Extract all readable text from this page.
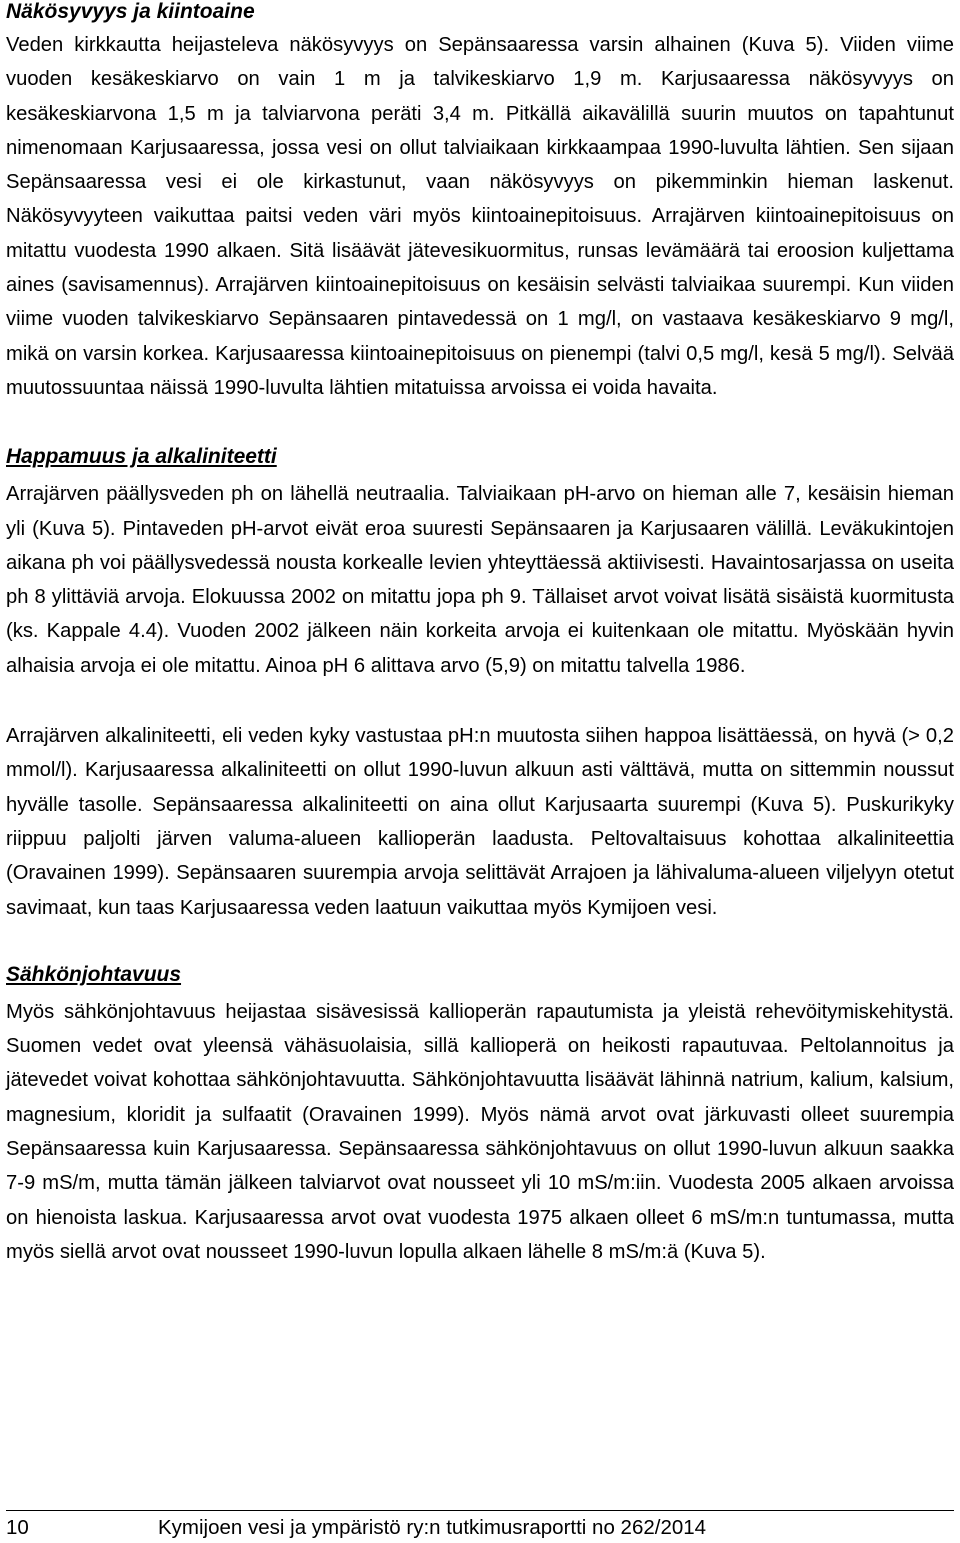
Näkösyvyys ja kiintoaine

Veden kirkkautta heijasteleva näkösyvyys on Sepänsaaressa varsin alhainen (Kuva 5). Viiden viime vuoden kesäkeskiarvo on vain 1 m ja talvikeskiarvo 1,9 m. Karjusaaressa näkösyvyys on kesäkeskiarvona 1,5 m ja talviarvona peräti 3,4 m. Pitkällä aikavälillä suurin muutos on tapahtunut nimenomaan Karjusaaressa, jossa vesi on ollut talviaikaan kirkkaampaa 1990-luvulta lähtien. Sen sijaan Sepänsaaressa vesi ei ole kirkastunut, vaan näkösyvyys on pikemminkin hieman laskenut. Näkösyvyyteen vaikuttaa paitsi veden väri myös kiintoainepitoisuus. Arrajärven kiintoainepitoisuus on mitattu vuodesta 1990 alkaen. Sitä lisäävät jätevesikuormitus, runsas levämäärä tai eroosion kuljettama aines (savisamennus). Arrajärven kiintoainepitoisuus on kesäisin selvästi talviaikaa suurempi. Kun viiden viime vuoden talvikeskiarvo Sepänsaaren pintavedessä on 1 mg/l, on vastaava kesäkeskiarvo 9 mg/l, mikä on varsin korkea. Karjusaaressa kiintoainepitoisuus on pienempi (talvi 0,5 mg/l, kesä 5 mg/l). Selvää muutossuuntaa näissä 1990-luvulta lähtien mitatuissa arvoissa ei voida havaita.

Happamuus ja alkaliniteetti

Arrajärven päällysveden ph on lähellä neutraalia. Talviaikaan pH-arvo on hieman alle 7, kesäisin hieman yli (Kuva 5). Pintaveden pH-arvot eivät eroa suuresti Sepänsaaren ja Karjusaaren välillä. Leväkukintojen aikana ph voi päällysvedessä nousta korkealle levien yhteyttäessä aktiivisesti. Havaintosarjassa on useita ph 8 ylittäviä arvoja. Elokuussa 2002 on mitattu jopa ph 9. Tällaiset arvot voivat lisätä sisäistä kuormitusta (ks. Kappale 4.4). Vuoden 2002 jälkeen näin korkeita arvoja ei kuitenkaan ole mitattu. Myöskään hyvin alhaisia arvoja ei ole mitattu. Ainoa pH 6 alittava arvo (5,9) on mitattu talvella 1986.

Arrajärven alkaliniteetti, eli veden kyky vastustaa pH:n muutosta siihen happoa lisättäessä, on hyvä (> 0,2 mmol/l). Karjusaaressa alkaliniteetti on ollut 1990-luvun alkuun asti välttävä, mutta on sittemmin noussut hyvälle tasolle. Sepänsaaressa alkaliniteetti on aina ollut Karjusaarta suurempi (Kuva 5). Puskurikyky riippuu paljolti järven valuma-alueen kallioperän laadusta. Peltovaltaisuus kohottaa alkaliniteettia (Oravainen 1999). Sepänsaaren suurempia arvoja selittävät Arrajoen ja lähivaluma-alueen viljelyyn otetut savimaat, kun taas Karjusaaressa veden laatuun vaikuttaa myös Kymijoen vesi.

Sähkönjohtavuus

Myös sähkönjohtavuus heijastaa sisävesissä kallioperän rapautumista ja yleistä rehevöitymiskehitystä. Suomen vedet ovat yleensä vähäsuolaisia, sillä kallioperä on heikosti rapautuvaa. Peltolannoitus ja jätevedet voivat kohottaa sähkönjohtavuutta. Sähkönjohtavuutta lisäävät lähinnä natrium, kalium, kalsium, magnesium, kloridit ja sulfaatit (Oravainen 1999). Myös nämä arvot ovat järkuvasti olleet suurempia Sepänsaaressa kuin Karjusaaressa. Sepänsaaressa sähkönjohtavuus on ollut 1990-luvun alkuun saakka 7-9 mS/m, mutta tämän jälkeen talviarvot ovat nousseet yli 10 mS/m:iin. Vuodesta 2005 alkaen arvoissa on hienoista laskua. Karjusaaressa arvot ovat vuodesta 1975 alkaen olleet 6 mS/m:n tuntumassa, mutta myös siellä arvot ovat nousseet 1990-luvun lopulla alkaen lähelle 8 mS/m:ä (Kuva 5).

10	Kymijoen vesi ja ympäristö ry:n tutkimusraportti no 262/2014
